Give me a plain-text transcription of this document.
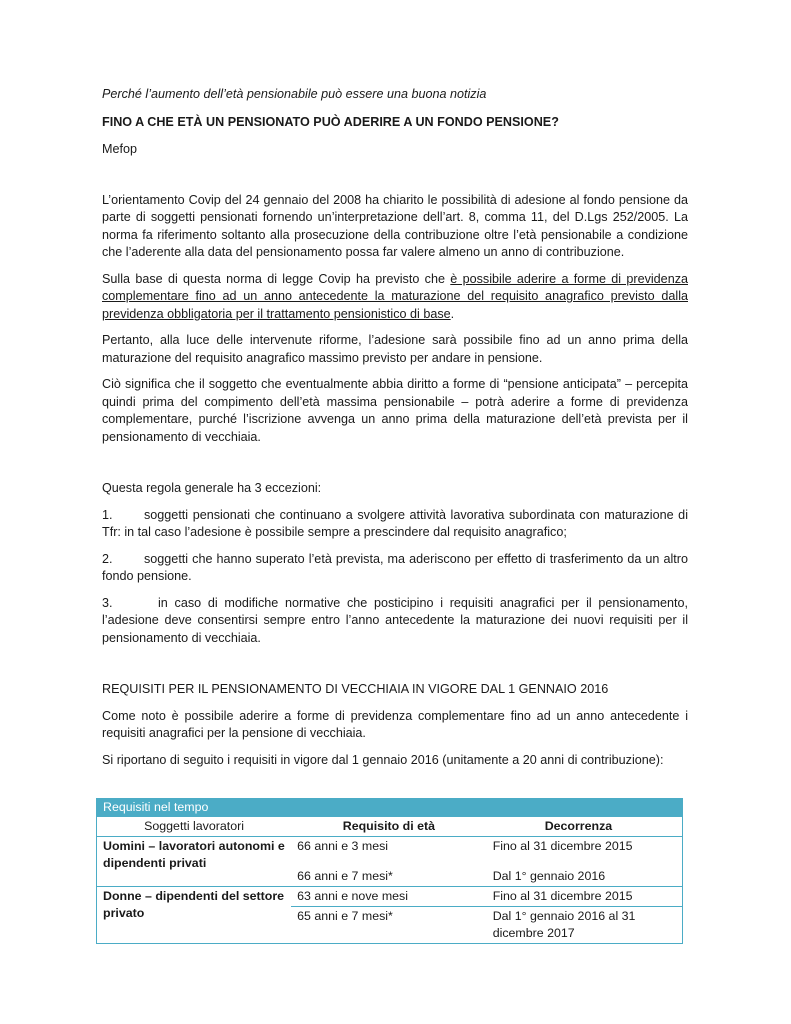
Perché l’aumento dell’età pensionabile può essere una buona notizia

FINO A CHE ETÀ UN PENSIONATO PUÒ ADERIRE A UN FONDO PENSIONE?

Mefop

L’orientamento Covip del 24 gennaio del 2008 ha chiarito le possibilità di adesione al fondo pensione da parte di soggetti pensionati fornendo un’interpretazione dell’art. 8, comma 11, del D.Lgs 252/2005. La norma fa riferimento soltanto alla prosecuzione della contribuzione oltre l’età pensionabile a condizione che l’aderente alla data del pensionamento possa far valere almeno un anno di contribuzione.

Sulla base di questa norma di legge Covip ha previsto che è possibile aderire a forme di previdenza complementare fino ad un anno antecedente la maturazione del requisito anagrafico previsto dalla previdenza obbligatoria per il trattamento pensionistico di base.

Pertanto, alla luce delle intervenute riforme, l’adesione sarà possibile fino ad un anno prima della maturazione del requisito anagrafico massimo previsto per andare in pensione.

Ciò significa che il soggetto che eventualmente abbia diritto a forme di “pensione anticipata” – percepita quindi prima del compimento dell’età massima pensionabile – potrà aderire a forme di previdenza complementare, purché l’iscrizione avvenga un anno prima della maturazione dell’età prevista per il pensionamento di vecchiaia.

Questa regola generale ha 3 eccezioni:

1. soggetti pensionati che continuano a svolgere attività lavorativa subordinata con maturazione di Tfr: in tal caso l’adesione è possibile sempre a prescindere dal requisito anagrafico;

2. soggetti che hanno superato l’età prevista, ma aderiscono per effetto di trasferimento da un altro fondo pensione.

3.	in caso di modifiche normative che posticipino i requisiti anagrafici per il pensionamento, l’adesione deve consentirsi sempre entro l’anno antecedente la maturazione dei nuovi requisiti per il pensionamento di vecchiaia.

REQUISITI PER IL PENSIONAMENTO DI VECCHIAIA IN VIGORE DAL 1 GENNAIO 2016

Come noto è possibile aderire a forme di previdenza complementare fino ad un anno antecedente i requisiti anagrafici per la pensione di vecchiaia.

Si riportano di seguito i requisiti in vigore dal 1 gennaio 2016 (unitamente a 20 anni di contribuzione):

Requisiti nel tempo		
Soggetti lavoratori	Requisito di età	Decorrenza
Uomini – lavoratori autonomi e dipendenti privati	66 anni e 3 mesi	Fino al 31 dicembre 2015
	66 anni e 7 mesi*	Dal 1° gennaio 2016
Donne – dipendenti del settore privato	63 anni e nove mesi	Fino al 31 dicembre 2015
	65 anni e 7 mesi*	Dal 1° gennaio 2016 al 31 dicembre 2017
